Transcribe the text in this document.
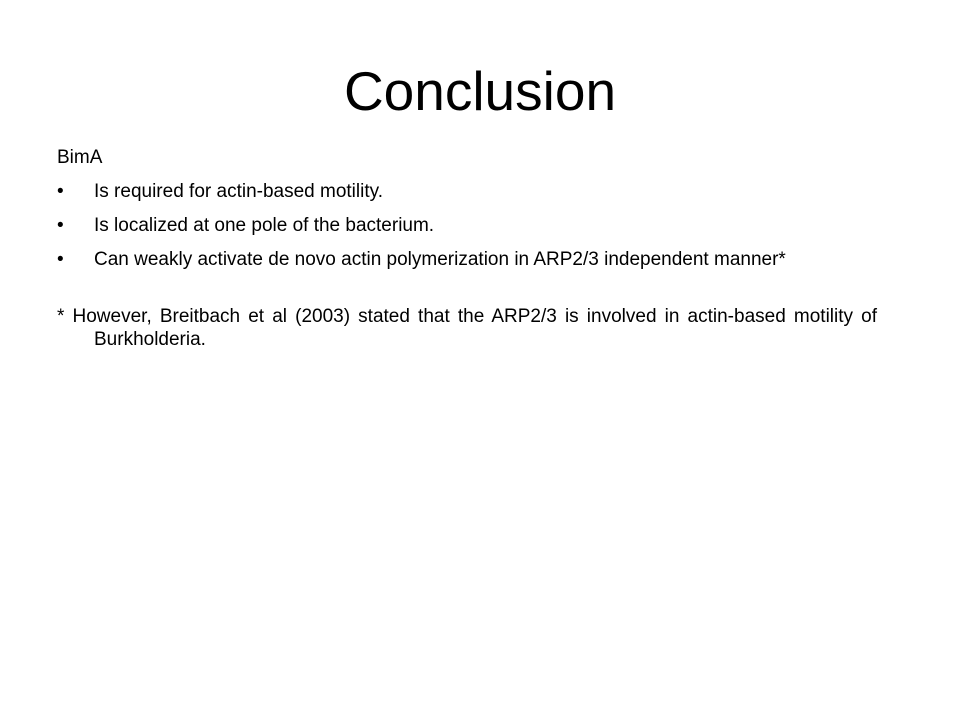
Conclusion

BimA

•	Is required for actin-based motility.
•	Is localized at one pole of the bacterium.
•	Can weakly activate de novo actin polymerization in ARP2/3 independent manner*

* However, Breitbach et al (2003) stated that the ARP2/3 is involved in actin-based motility of Burkholderia.
